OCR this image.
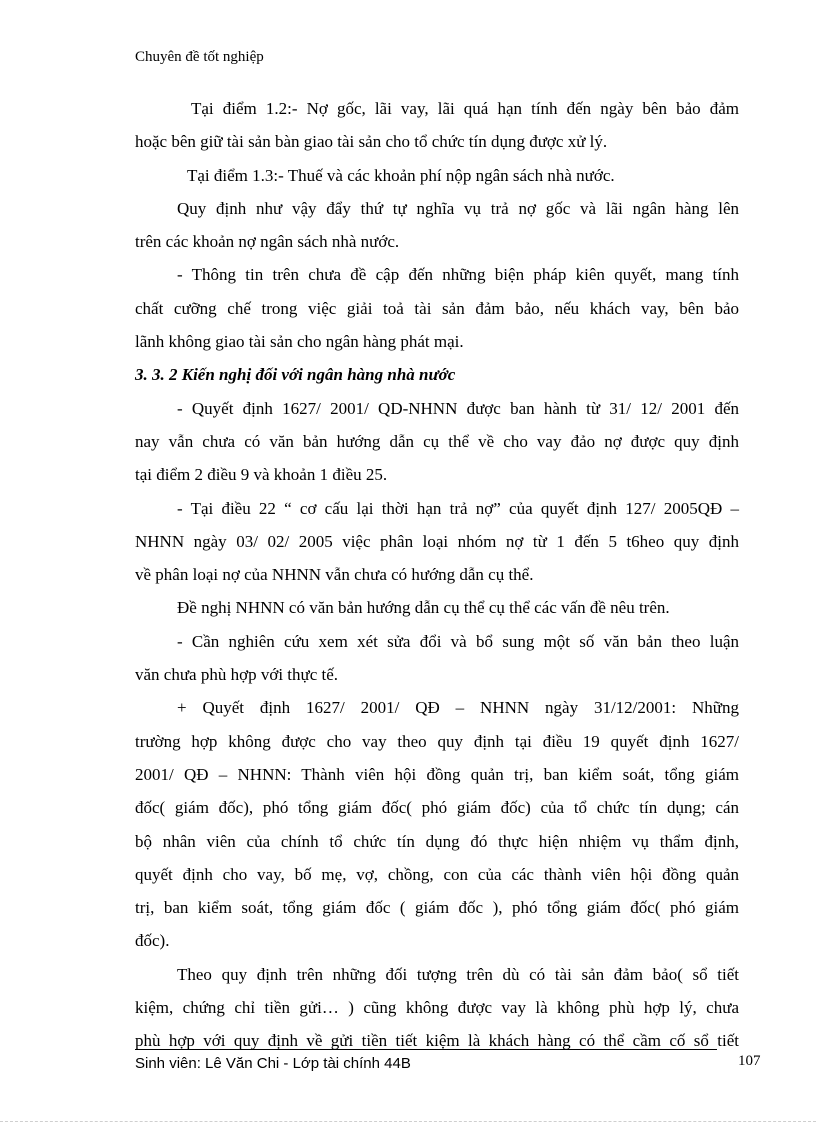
Chuyên đề tốt nghiệp

Tại điểm 1.2:- Nợ gốc, lãi vay, lãi quá hạn tính đến ngày bên bảo đảm
hoặc bên giữ tài sản bàn giao tài sản cho tổ chức tín dụng được xử lý.

Tại điểm 1.3:- Thuế và các khoản phí nộp ngân sách nhà nước.

Quy định như vậy đẩy thứ tự nghĩa vụ trả nợ gốc và lãi ngân hàng lên
trên các khoản nợ ngân sách nhà nước.

- Thông tin trên chưa đề cập đến những biện pháp kiên quyết, mang tính
chất cưỡng chế trong việc giải toả tài sản đảm bảo, nếu khách vay, bên bảo
lãnh không giao tài sản cho ngân hàng phát mại.

3. 3. 2 Kiến nghị đối với ngân hàng nhà nước

- Quyết định 1627/ 2001/ QD-NHNN được ban hành từ 31/ 12/ 2001 đến
nay vẫn chưa có văn bản hướng dẫn cụ thể về cho vay đảo nợ được quy định
tại điểm 2 điều 9 và khoản 1 điều 25.

- Tại điều 22 “ cơ cấu lại thời hạn trả nợ” của quyết định 127/ 2005QĐ –
NHNN ngày 03/ 02/ 2005 việc phân loại nhóm nợ từ 1 đến 5 t6heo quy định
về phân loại nợ của NHNN vẫn chưa có hướng dẫn cụ thể.

Đề nghị NHNN có văn bản hướng dẫn cụ thể cụ thể các vấn đề nêu trên.

- Cần nghiên cứu xem xét sửa đổi và bổ sung một số văn bản theo luận
văn chưa phù hợp với thực tế.

+ Quyết định 1627/ 2001/ QĐ – NHNN ngày 31/12/2001: Những
trường hợp không được cho vay theo quy định tại điều 19 quyết định 1627/
2001/ QĐ – NHNN: Thành viên hội đồng quản trị, ban kiểm soát, tổng giám
đốc( giám đốc), phó tổng giám đốc( phó giám đốc) của tổ chức tín dụng; cán
bộ nhân viên của chính tổ chức tín dụng đó thực hiện nhiệm vụ thẩm định,
quyết định cho vay, bố mẹ, vợ, chồng, con của các thành viên hội đồng quản
trị, ban kiểm soát, tổng giám đốc ( giám đốc ), phó tổng giám đốc( phó giám
đốc).

Theo quy định trên những đối tượng trên dù có tài sản đảm bảo( sổ tiết
kiệm, chứng chỉ tiền gửi… ) cũng không được vay là không phù hợp lý, chưa
phù hợp với quy định về gửi tiền tiết kiệm là khách hàng có thể cầm cố sổ tiết

Sinh viên: Lê Văn Chi - Lớp tài chính 44B	107
